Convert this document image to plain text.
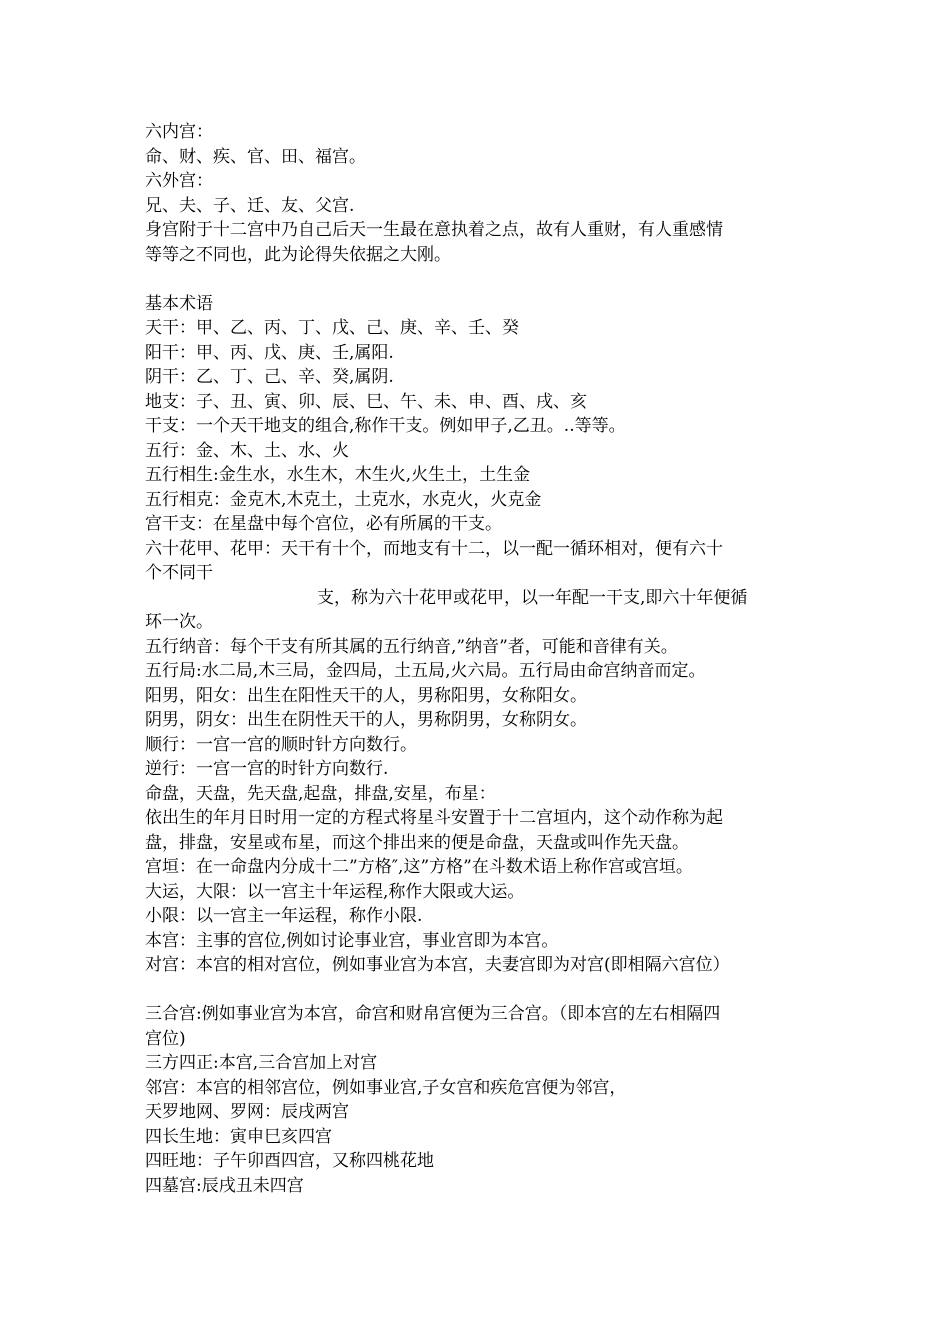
六内宫：
命、财、疾、官、田、福宫。
六外宫：
兄、夫、子、迁、友、父宫.
身宫附于十二宫中乃自己后天一生最在意执着之点，故有人重财，有人重感情
等等之不同也，此为论得失依据之大刚。
基本术语
天干：甲、乙、丙、丁、戊、己、庚、辛、壬、癸
阳干：甲、丙、戊、庚、壬,属阳.
阴干：乙、丁、己、辛、癸,属阴.
地支：子、丑、寅、卯、辰、巳、午、未、申、酉、戌、亥
干支：一个天干地支的组合,称作干支。例如甲子,乙丑。..等等。
五行：金、木、土、水、火
五行相生:金生水，水生木，木生火,火生土，土生金
五行相克：金克木,木克土，土克水，水克火，火克金
宫干支：在星盘中每个宫位，必有所属的干支。
六十花甲、花甲：天干有十个，而地支有十二，以一配一循环相对，便有六十
个不同干
支，称为六十花甲或花甲，以一年配一干支,即六十年便循
环一次。
五行纳音：每个干支有所其属的五行纳音,”纳音”者，可能和音律有关。
五行局:水二局,木三局，金四局，土五局,火六局。五行局由命宫纳音而定。
阳男，阳女：出生在阳性天干的人，男称阳男，女称阳女。
阴男，阴女：出生在阴性天干的人，男称阴男，女称阴女。
顺行：一宫一宫的顺时针方向数行。
逆行：一宫一宫的时针方向数行.
命盘，天盘，先天盘,起盘，排盘,安星，布星：
依出生的年月日时用一定的方程式将星斗安置于十二宫垣内，这个动作称为起
盘，排盘，安星或布星，而这个排出来的便是命盘，天盘或叫作先天盘。
宫垣：在一命盘内分成十二”方格″,这”方格”在斗数术语上称作宫或宫垣。
大运，大限：以一宫主十年运程,称作大限或大运。
小限：以一宫主一年运程，称作小限.
本宫：主事的宫位,例如讨论事业宫，事业宫即为本宫。
对宫：本宫的相对宫位，例如事业宫为本宫，夫妻宫即为对宫(即相隔六宫位）
三合宫:例如事业宫为本宫，命宫和财帛宫便为三合宫。（即本宫的左右相隔四
宫位)
三方四正:本宫,三合宫加上对宫
邻宫：本宫的相邻宫位，例如事业宫,子女宫和疾危宫便为邻宫，
天罗地网、罗网：辰戌两宫
四长生地：寅申巳亥四宫
四旺地：子午卯酉四宫，又称四桃花地
四墓宫:辰戌丑未四宫
